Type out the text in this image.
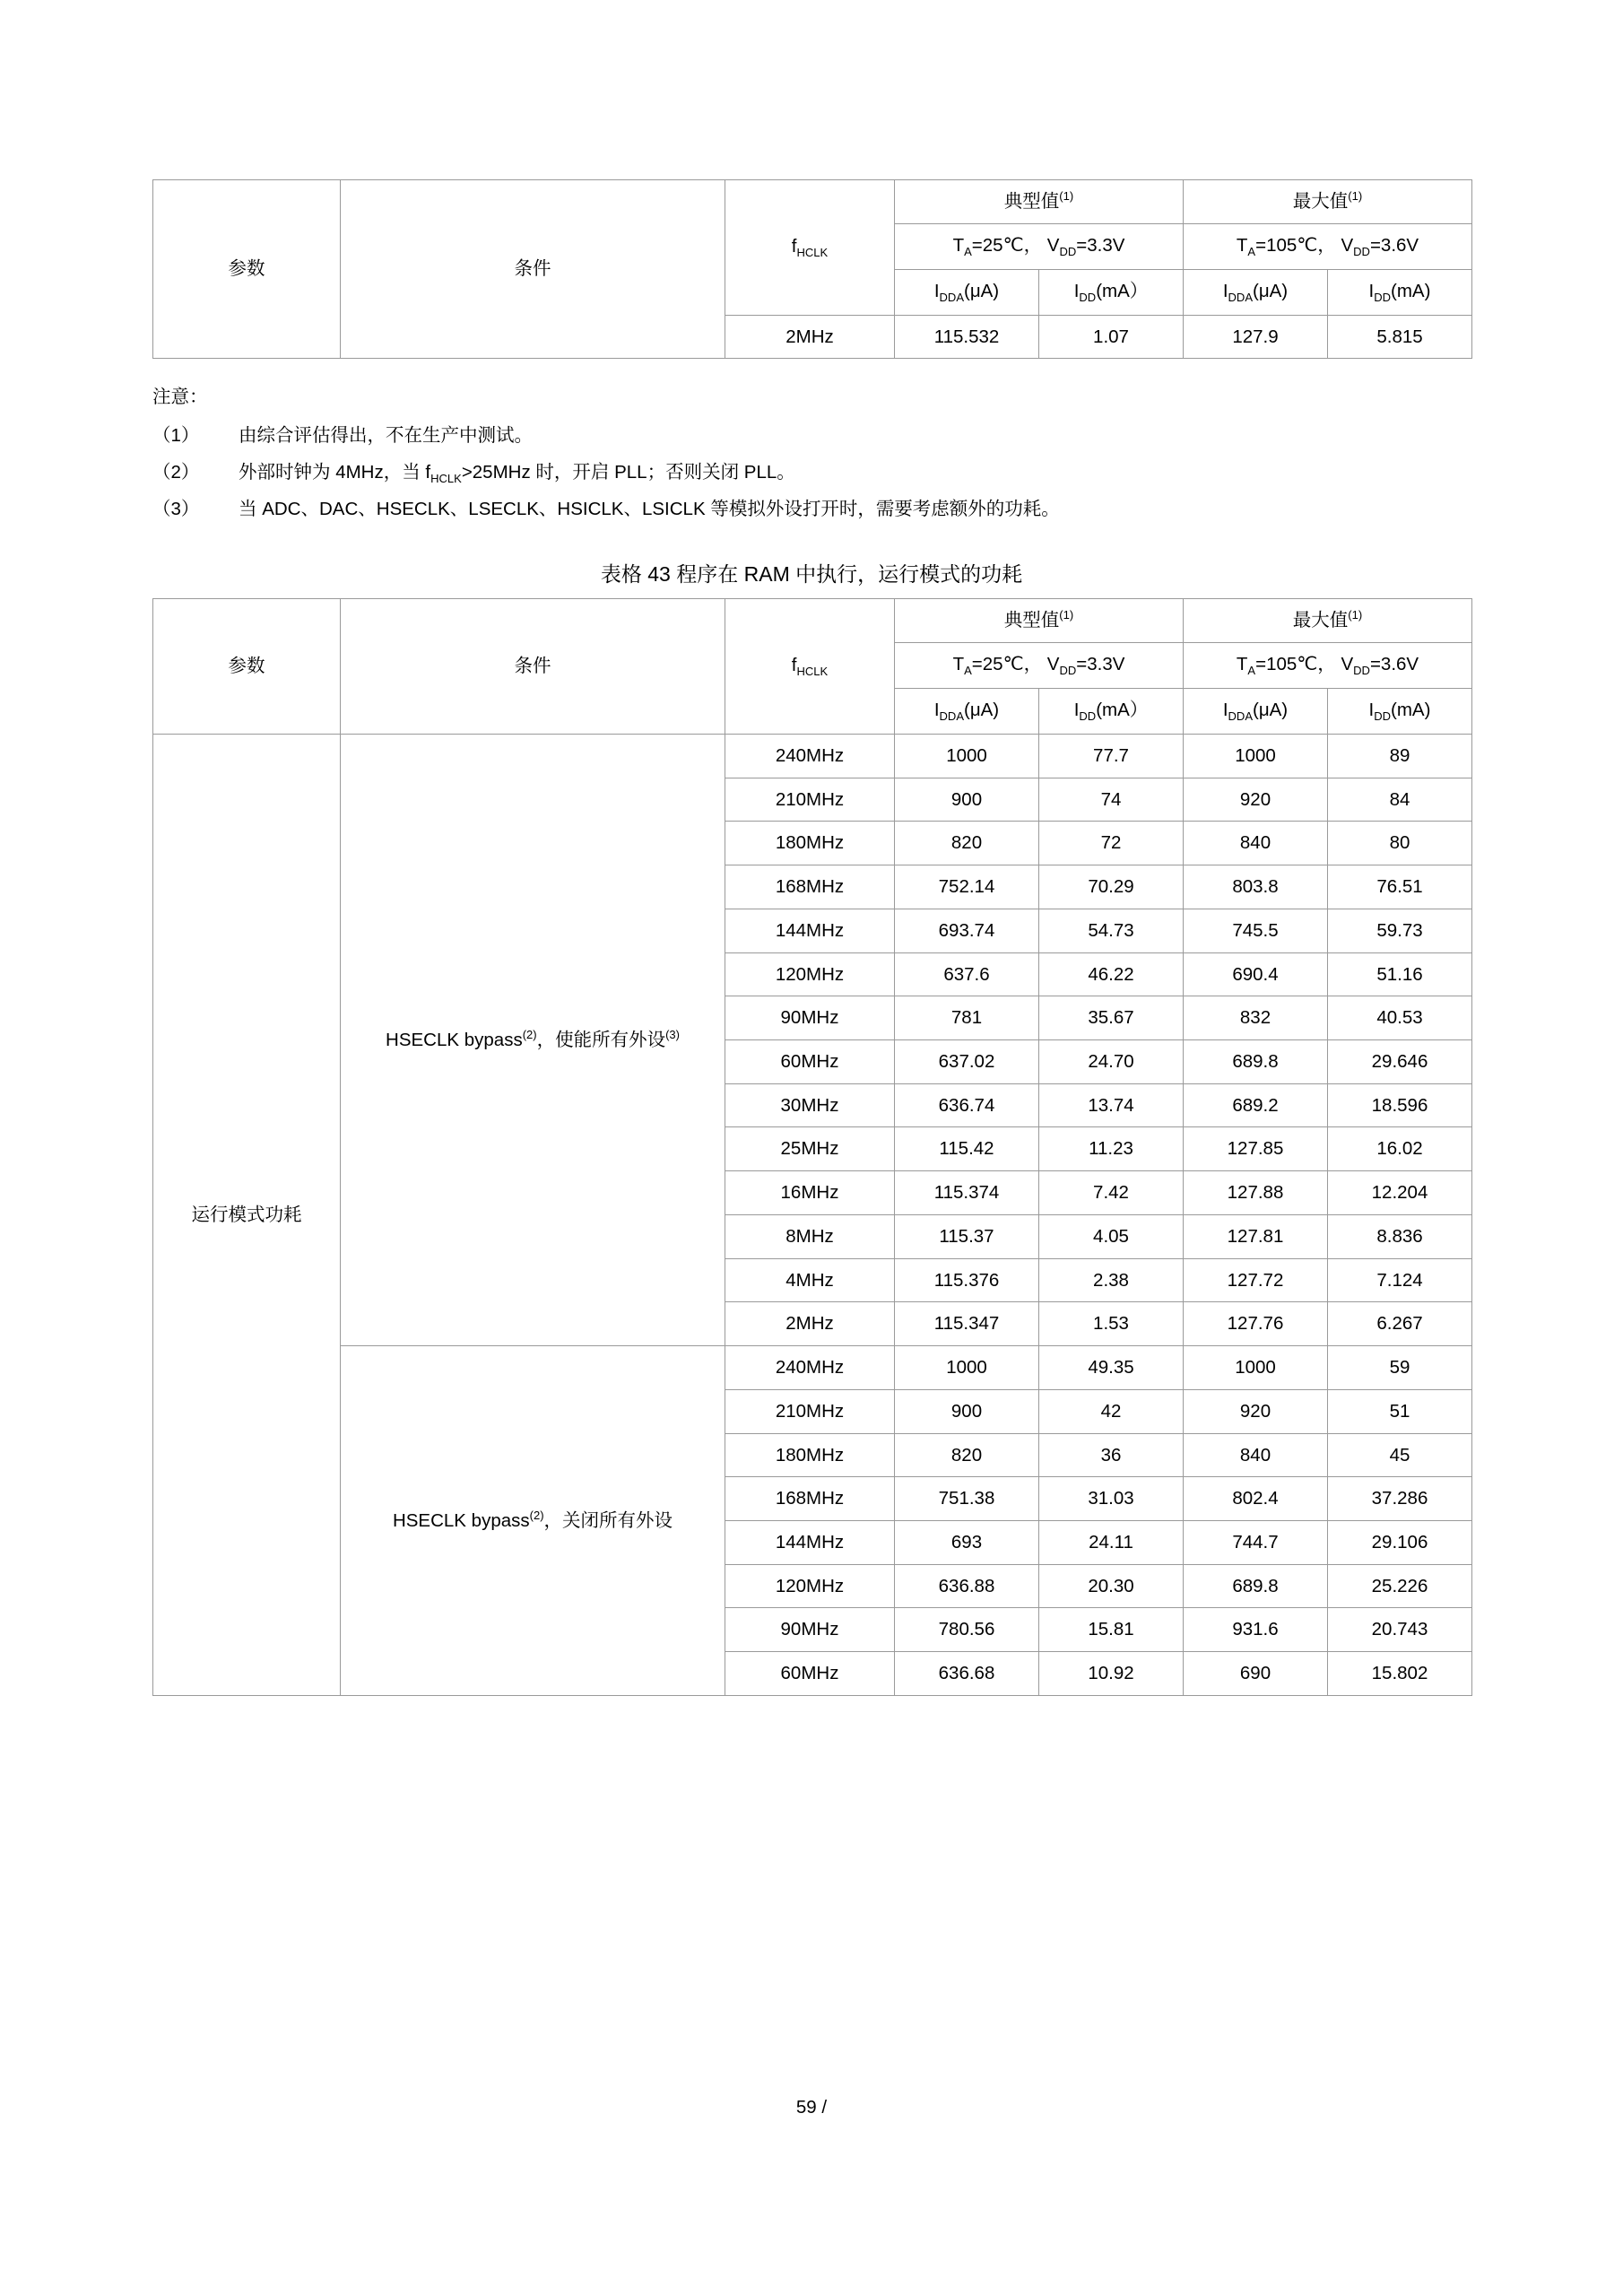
参数	条件	$f_{HCLK}$	典型值$^{(1)}$		最大值$^{(1)}$
			$T_A=25℃$， $V_{DD}=3.3V$		$T_A=105℃$， $V_{DD}=3.6V$	
			$I_{DDA}(\mu A)$	$I_{DD}(mA)$	$I_{DDA}(\mu A)$	$I_{DD}(mA)$
		2MHz	115.532	1.07	127.9	5.815
注意：
（1）	由综合评估得出，不在生产中测试。
（2）	外部时钟为 4MHz，当 $f_{HCLK}>25MHz$ 时，开启 PLL；否则关闭 PLL。
（3）	当 ADC、DAC、HSECLK、LSECLK、HSICLK、LSICLK 等模拟外设打开时，需要考虑额外的功耗。
表格 43 程序在 RAM 中执行，运行模式的功耗
参数	条件	$f_{HCLK}$	典型值$^{(1)}$		最大值$^{(1)}$
			$T_A=25℃$， $V_{DD}=3.3V$		$T_A=105℃$， $V_{DD}=3.6V$	
			$I_{DDA}(\mu A)$	$I_{DD}(mA)$	$I_{DDA}(\mu A)$	$I_{DD}(mA)$
运行模式功耗	HSECLK bypass$^{(2)}$，使能所有外设$^{(3)}$	240MHz	1000	77.7	1000	89
		210MHz	900	74	920	84
		180MHz	820	72	840	80
		168MHz	752.14	70.29	803.8	76.51
		144MHz	693.74	54.73	745.5	59.73
		120MHz	637.6	46.22	690.4	51.16
		90MHz	781	35.67	832	40.53
		60MHz	637.02	24.70	689.8	29.646
		30MHz	636.74	13.74	689.2	18.596
		25MHz	115.42	11.23	127.85	16.02
		16MHz	115.374	7.42	127.88	12.204
		8MHz	115.37	4.05	127.81	8.836
		4MHz	115.376	2.38	127.72	7.124
		2MHz	115.347	1.53	127.76	6.267
	HSECLK bypass$^{(2)}$，关闭所有外设	240MHz	1000	49.35	1000	59
		210MHz	900	42	920	51
		180MHz	820	36	840	45
		168MHz	751.38	31.03	802.4	37.286
		144MHz	693	24.11	744.7	29.106
		120MHz	636.88	20.30	689.8	25.226
		90MHz	780.56	15.81	931.6	20.743
		60MHz	636.68	10.92	690	15.802
59 /
